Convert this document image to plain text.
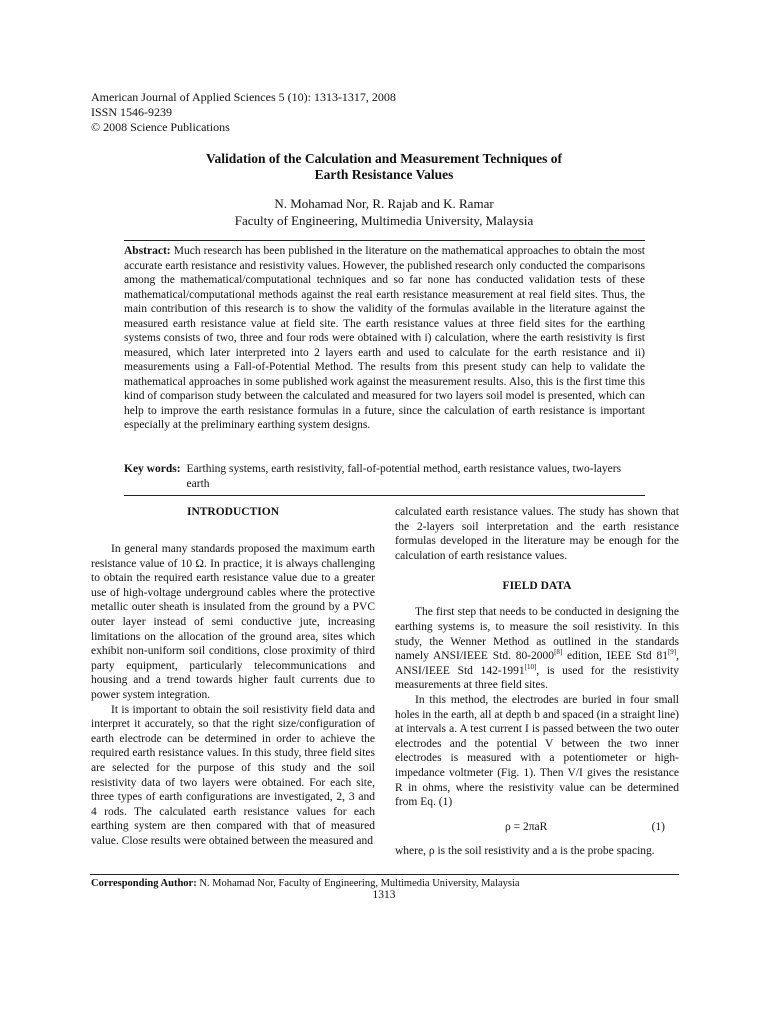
American Journal of Applied Sciences 5 (10): 1313-1317, 2008
ISSN 1546-9239
© 2008 Science Publications
Validation of the Calculation and Measurement Techniques of
Earth Resistance Values
N. Mohamad Nor, R. Rajab and K. Ramar
Faculty of Engineering, Multimedia University, Malaysia
Abstract: Much research has been published in the literature on the mathematical approaches to obtain the most accurate earth resistance and resistivity values. However, the published research only conducted the comparisons among the mathematical/computational techniques and so far none has conducted validation tests of these mathematical/computational methods against the real earth resistance measurement at real field sites. Thus, the main contribution of this research is to show the validity of the formulas available in the literature against the measured earth resistance value at field site. The earth resistance values at three field sites for the earthing systems consists of two, three and four rods were obtained with i) calculation, where the earth resistivity is first measured, which later interpreted into 2 layers earth and used to calculate for the earth resistance and ii) measurements using a Fall-of-Potential Method. The results from this present study can help to validate the mathematical approaches in some published work against the measurement results. Also, this is the first time this kind of comparison study between the calculated and measured for two layers soil model is presented, which can help to improve the earth resistance formulas in a future, since the calculation of earth resistance is important especially at the preliminary earthing system designs.
Key words: Earthing systems, earth resistivity, fall-of-potential method, earth resistance values, two-layers earth
INTRODUCTION

In general many standards proposed the maximum earth resistance value of 10 Ω. In practice, it is always challenging to obtain the required earth resistance value due to a greater use of high-voltage underground cables where the protective metallic outer sheath is insulated from the ground by a PVC outer layer instead of semi conductive jute, increasing limitations on the allocation of the ground area, sites which exhibit non-uniform soil conditions, close proximity of third party equipment, particularly telecommunications and housing and a trend towards higher fault currents due to power system integration.

It is important to obtain the soil resistivity field data and interpret it accurately, so that the right size/configuration of earth electrode can be determined in order to achieve the required earth resistance values. In this study, three field sites are selected for the purpose of this study and the soil resistivity data of two layers were obtained. For each site, three types of earth configurations are investigated, 2, 3 and 4 rods. The calculated earth resistance values for each earthing system are then compared with that of measured value. Close results were obtained between the measured and

calculated earth resistance values. The study has shown that the 2-layers soil interpretation and the earth resistance formulas developed in the literature may be enough for the calculation of earth resistance values.

FIELD DATA

The first step that needs to be conducted in designing the earthing systems is, to measure the soil resistivity. In this study, the Wenner Method as outlined in the standards namely ANSI/IEEE Std. 80-2000[8] edition, IEEE Std 81[9], ANSI/IEEE Std 142-1991[10], is used for the resistivity measurements at three field sites.

In this method, the electrodes are buried in four small holes in the earth, all at depth b and spaced (in a straight line) at intervals a. A test current I is passed between the two outer electrodes and the potential V between the two inner electrodes is measured with a potentiometer or high-impedance voltmeter (Fig. 1). Then V/I gives the resistance R in ohms, where the resistivity value can be determined from Eq. (1)

ρ = 2πaR	(1)

where, ρ is the soil resistivity and a is the probe spacing.

Corresponding Author: N. Mohamad Nor, Faculty of Engineering, Multimedia University, Malaysia
1313
